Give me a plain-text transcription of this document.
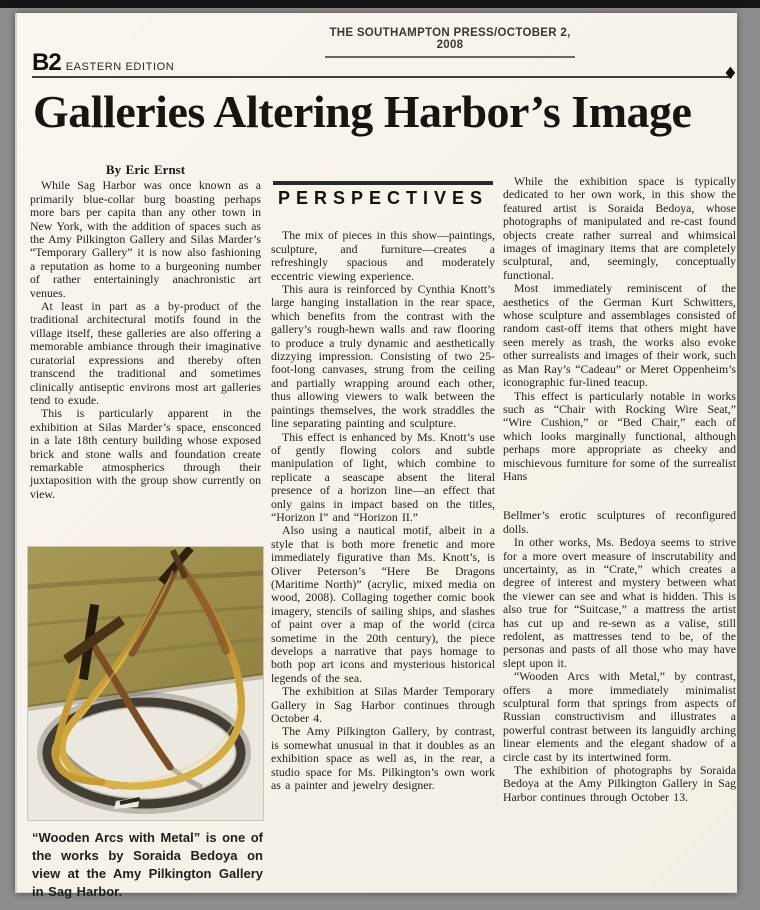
THE SOUTHAMPTON PRESS/OCTOBER 2, 2008
B2 EASTERN EDITION	♦
Galleries Altering Harbor’s Image
By Eric Ernst

While Sag Harbor was once known as a primarily blue-collar burg boasting perhaps more bars per capita than any other town in New York, with the addition of spaces such as the Amy Pilkington Gallery and Silas Marder’s “Temporary Gallery” it is now also fashioning a reputation as home to a burgeoning number of rather entertainingly anachronistic art venues.

At least in part as a by-product of the traditional architectural motifs found in the village itself, these galleries are also offering a memorable ambiance through their imaginative curatorial expressions and thereby often transcend the traditional and sometimes clinically antiseptic environs most art galleries tend to exude.

This is particularly apparent in the exhibition at Silas Marder’s space, ensconced in a late 18th century building whose exposed brick and stone walls and foundation create remarkable atmospherics through their juxtaposition with the group show currently on view.

PERSPECTIVES

The mix of pieces in this show—paintings, sculpture, and furniture—creates a refreshingly spacious and moderately eccentric viewing experience.

This aura is reinforced by Cynthia Knott’s large hanging installation in the rear space, which benefits from the contrast with the gallery’s rough-hewn walls and raw flooring to produce a truly dynamic and aesthetically dizzying impression. Consisting of two 25-foot-long canvases, strung from the ceiling and partially wrapping around each other, thus allowing viewers to walk between the paintings themselves, the work straddles the line separating painting and sculpture.

This effect is enhanced by Ms. Knott’s use of gently flowing colors and subtle manipulation of light, which combine to replicate a seascape absent the literal presence of a horizon line—an effect that only gains in impact based on the titles, “Horizon I” and “Horizon II.”

Also using a nautical motif, albeit in a style that is both more frenetic and more immediately figurative than Ms. Knott’s, is Oliver Peterson’s “Here Be Dragons (Maritime North)” (acrylic, mixed media on wood, 2008). Collaging together comic book imagery, stencils of sailing ships, and slashes of paint over a map of the world (circa sometime in the 20th century), the piece develops a narrative that pays homage to both pop art icons and mysterious historical legends of the sea.

The exhibition at Silas Marder Temporary Gallery in Sag Harbor continues through October 4.

The Amy Pilkington Gallery, by contrast, is somewhat unusual in that it doubles as an exhibition space as well as, in the rear, a studio space for Ms. Pilkington’s own work as a painter and jewelry designer.

While the exhibition space is typically dedicated to her own work, in this show the featured artist is Soraida Bedoya, whose photographs of manipulated and re-cast found objects create rather surreal and whimsical images of imaginary items that are completely sculptural, and, seemingly, conceptually functional.

Most immediately reminiscent of the aesthetics of the German Kurt Schwitters, whose sculpture and assemblages consisted of random cast-off items that others might have seen merely as trash, the works also evoke other surrealists and images of their work, such as Man Ray’s “Cadeau” or Meret Oppenheim’s iconographic fur-lined teacup.

This effect is particularly notable in works such as “Chair with Rocking Wire Seat,” “Wire Cushion,” or “Bed Chair,” each of which looks marginally functional, although perhaps more appropriate as cheeky and mischievous furniture for some of the surrealist Hans

Bellmer’s erotic sculptures of reconfigured dolls.

In other works, Ms. Bedoya seems to strive for a more overt measure of inscrutability and uncertainty, as in “Crate,” which creates a degree of interest and mystery between what the viewer can see and what is hidden. This is also true for “Suitcase,” a mattress the artist has cut up and re-sewn as a valise, still redolent, as mattresses tend to be, of the personas and pasts of all those who may have slept upon it.

“Wooden Arcs with Metal,” by contrast, offers a more immediately minimalist sculptural form that springs from aspects of Russian constructivism and illustrates a powerful contrast between its languidly arching linear elements and the elegant shadow of a circle cast by its intertwined form.

The exhibition of photographs by Soraida Bedoya at the Amy Pilkington Gallery in Sag Harbor continues through October 13.

“Wooden Arcs with Metal” is one of the works by Soraida Bedoya on view at the Amy Pilkington Gallery in Sag Harbor.
